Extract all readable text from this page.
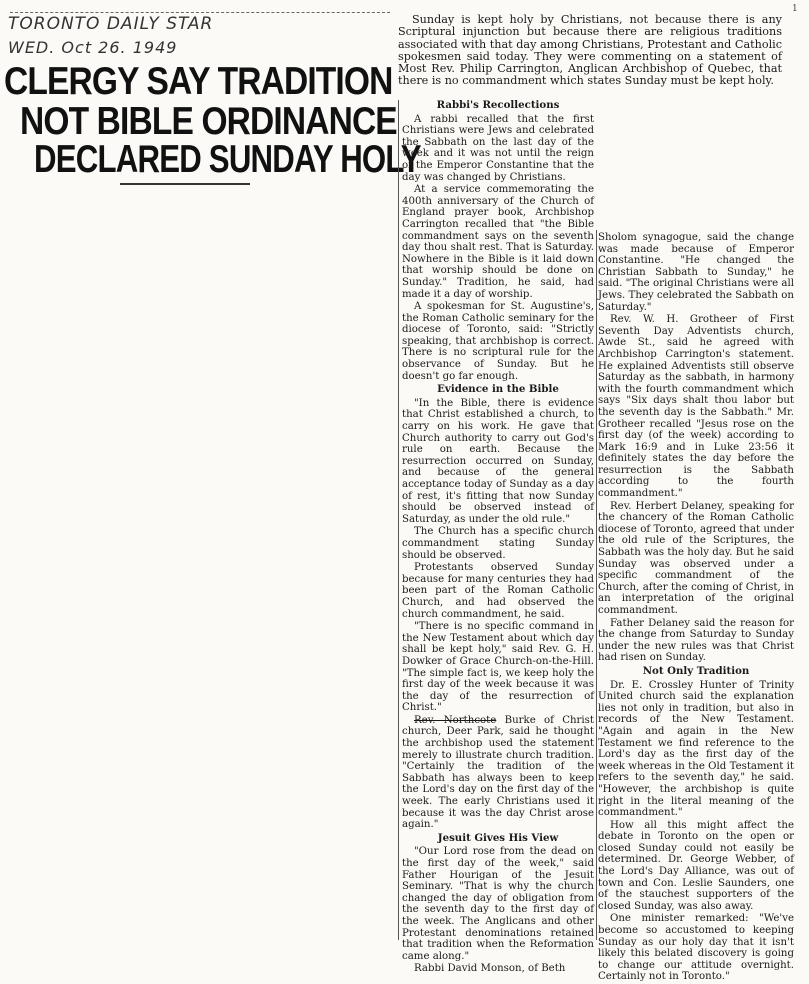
1
TORONTO DAILY STAR
WED. Oct 26. 1949
CLERGY SAY TRADITION
NOT BIBLE ORDINANCE
DECLARED SUNDAY HOLY

Sunday is kept holy by Christians, not because there is any Scriptural injunction but because there are religious traditions associated with that day among Christians, Protestant and Catholic spokesmen said today. They were commenting on a statement of Most Rev. Philip Carrington, Anglican Archbishop of Quebec, that there is no commandment which states Sunday must be kept holy.

Rabbi's Recollections

A rabbi recalled that the first Christians were Jews and celebrated the Sabbath on the last day of the week and it was not until the reign of the Emperor Constantine that the day was changed by Christians.

At a service commemorating the 400th anniversary of the Church of England prayer book, Archbishop Carrington recalled that "the Bible commandment says on the seventh day thou shalt rest. That is Saturday. Nowhere in the Bible is it laid down that worship should be done on Sunday." Tradition, he said, had made it a day of worship.

A spokesman for St. Augustine's, the Roman Catholic seminary for the diocese of Toronto, said: "Strictly speaking, that archbishop is correct. There is no scriptural rule for the observance of Sunday. But he doesn't go far enough.

Evidence in the Bible

"In the Bible, there is evidence that Christ established a church, to carry on his work. He gave that Church authority to carry out God's rule on earth. Because the resurrection occurred on Sunday, and because of the general acceptance today of Sunday as a day of rest, it's fitting that now Sunday should be observed instead of Saturday, as under the old rule."

The Church has a specific church commandment stating Sunday should be observed.

Protestants observed Sunday because for many centuries they had been part of the Roman Catholic Church, and had observed the church commandment, he said.

"There is no specific command in the New Testament about which day shall be kept holy," said Rev. G. H. Dowker of Grace Church-on-the-Hill. "The simple fact is, we keep holy the first day of the week because it was the day of the resurrection of Christ."

Rev. Northcote Burke of Christ church, Deer Park, said he thought the archbishop used the statement merely to illustrate church tradition. "Certainly the tradition of the Sabbath has always been to keep the Lord's day on the first day of the week. The early Christians used it because it was the day Christ arose again."

Jesuit Gives His View

"Our Lord rose from the dead on the first day of the week," said Father Hourigan of the Jesuit Seminary. "That is why the church changed the day of obligation from the seventh day to the first day of the week. The Anglicans and other Protestant denominations retained that tradition when the Reformation came along."

Rabbi David Monson, of Beth

Sholom synagogue, said the change was made because of Emperor Constantine. "He changed the Christian Sabbath to Sunday," he said. "The original Christians were all Jews. They celebrated the Sabbath on Saturday."

Rev. W. H. Grotheer of First Seventh Day Adventists church, Awde St., said he agreed with Archbishop Carrington's statement. He explained Adventists still observe Saturday as the sabbath, in harmony with the fourth commandment which says "Six days shalt thou labor but the seventh day is the Sabbath." Mr. Grotheer recalled "Jesus rose on the first day (of the week) according to Mark 16:9 and in Luke 23:56 it definitely states the day before the resurrection is the Sabbath according to the fourth commandment."

Rev. Herbert Delaney, speaking for the chancery of the Roman Catholic diocese of Toronto, agreed that under the old rule of the Scriptures, the Sabbath was the holy day. But he said Sunday was observed under a specific commandment of the Church, after the coming of Christ, in an interpretation of the original commandment.

Father Delaney said the reason for the change from Saturday to Sunday under the new rules was that Christ had risen on Sunday.

Not Only Tradition

Dr. E. Crossley Hunter of Trinity United church said the explanation lies not only in tradition, but also in records of the New Testament. "Again and again in the New Testament we find reference to the Lord's day as the first day of the week whereas in the Old Testament it refers to the seventh day," he said. "However, the archbishop is quite right in the literal meaning of the commandment."

How all this might affect the debate in Toronto on the open or closed Sunday could not easily be determined. Dr. George Webber, of the Lord's Day Alliance, was out of town and Con. Leslie Saunders, one of the stauchest supporters of the closed Sunday, was also away.

One minister remarked: "We've become so accustomed to keeping Sunday as our holy day that it isn't likely this belated discovery is going to change our attitude overnight. Certainly not in Toronto."
